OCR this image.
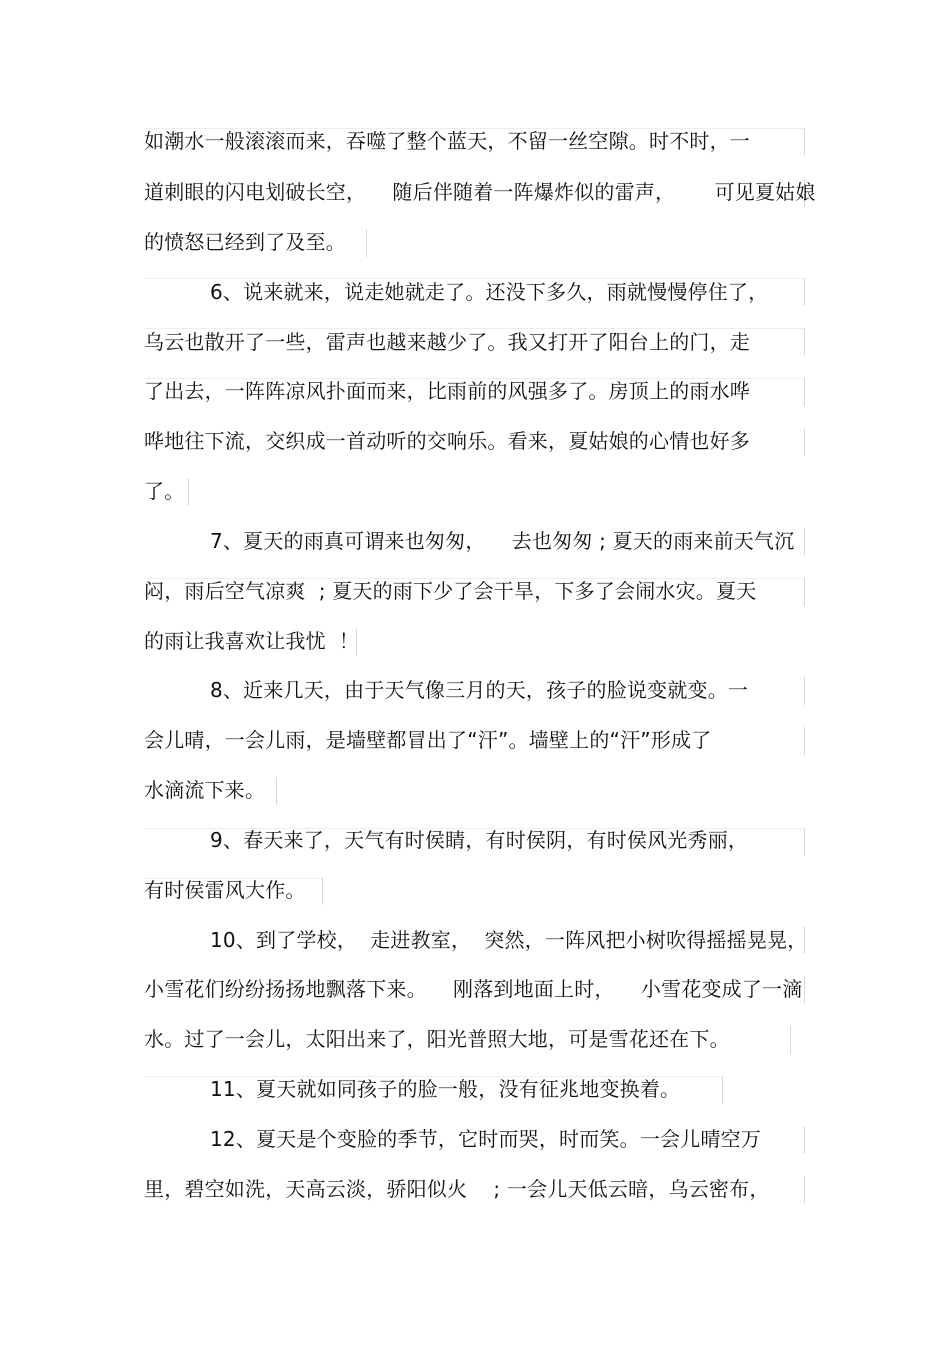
如潮水一般滚滚而来，吞噬了整个蓝天，不留一丝空隙。时不时，一
道刺眼的闪电划破长空，    随后伴随着一阵爆炸似的雷声，      可见夏姑娘
的愤怒已经到了及至。
6、说来就来，说走她就走了。还没下多久，雨就慢慢停住了，
乌云也散开了一些，雷声也越来越少了。我又打开了阳台上的门，走
了出去，一阵阵凉风扑面而来，比雨前的风强多了。房顶上的雨水哗
哗地往下流，交织成一首动听的交响乐。看来，夏姑娘的心情也好多
了。
7、夏天的雨真可谓来也匆匆，    去也匆匆 ; 夏天的雨来前天气沉
闷，雨后空气凉爽  ; 夏天的雨下少了会干旱，下多了会闹水灾。夏天
的雨让我喜欢让我忧  ！
8、近来几天，由于天气像三月的天，孩子的脸说变就变。一
会儿晴，一会儿雨，是墙壁都冒出了“汗”。墙壁上的“汗”形成了
水滴流下来。
9、春天来了，天气有时侯睛，有时侯阴，有时侯风光秀丽，
有时侯雷风大作。
10、到了学校，  走进教室，  突然，一阵风把小树吹得摇摇晃晃，
小雪花们纷纷扬扬地飘落下来。    刚落到地面上时，    小雪花变成了一滴
水。过了一会儿，太阳出来了，阳光普照大地，可是雪花还在下。
11、夏天就如同孩子的脸一般，没有征兆地变换着。
12、夏天是个变脸的季节，它时而哭，时而笑。一会儿晴空万
里，碧空如洗，天高云淡，骄阳似火    ; 一会儿天低云暗，乌云密布，
